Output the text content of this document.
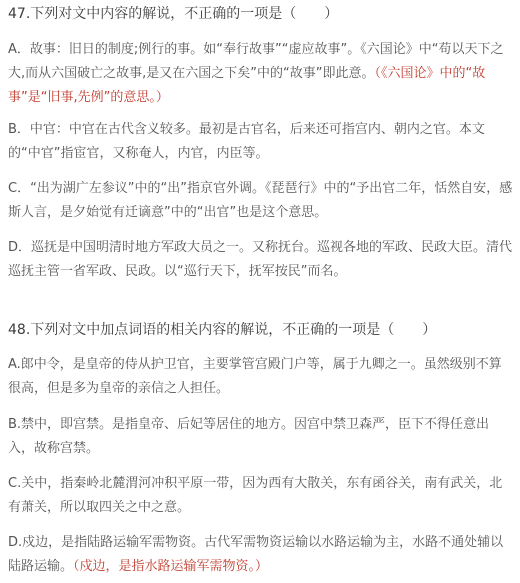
47.下列对文中内容的解说，不正确的一项是（　　）
A．故事：旧日的制度;例行的事。如“奉行故事”“虚应故事”。《六国论》中“苟以天下之大,而从六国破亡之故事,是又在六国之下矣”中的“故事”即此意。（《六国论》中的“故事”是“旧事,先例”的意思。）
B．中官：中官在古代含义较多。最初是古官名，后来还可指宫内、朝内之官。本文的“中官”指宦官，又称奄人，内官，内臣等。
C．“出为湖广左参议”中的“出”指京官外调。《琵琶行》中的“予出官二年，恬然自安，感斯人言，是夕始觉有迁谪意”中的“出官”也是这个意思。
D．巡抚是中国明清时地方军政大员之一。又称抚台。巡视各地的军政、民政大臣。清代巡抚主管一省军政、民政。以“巡行天下，抚军按民”而名。
48.下列对文中加点词语的相关内容的解说，不正确的一项是（　　）
A.郎中令，是皇帝的侍从护卫官，主要掌管宫殿门户等，属于九卿之一。虽然级别不算很高，但是多为皇帝的亲信之人担任。
B.禁中，即宫禁。是指皇帝、后妃等居住的地方。因宫中禁卫森严，臣下不得任意出入，故称宫禁。
C.关中，指秦岭北麓渭河冲积平原一带，因为西有大散关，东有函谷关，南有武关，北有萧关，所以取四关之中之意。
D.戍边，是指陆路运输军需物资。古代军需物资运输以水路运输为主，水路不通处辅以陆路运输。（戍边，是指水路运输军需物资。）
